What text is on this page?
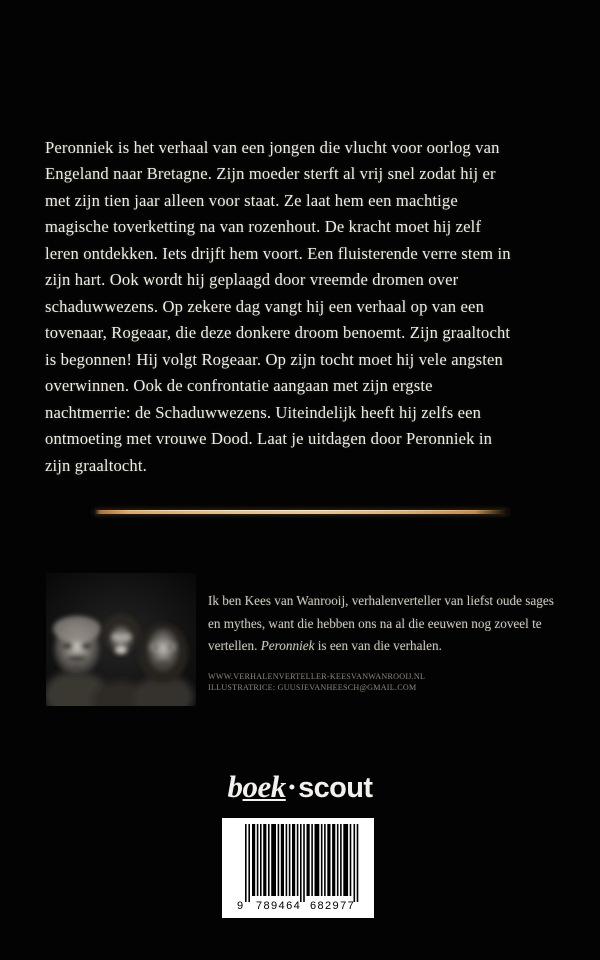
Peronniek is het verhaal van een jongen die vlucht voor oorlog van Engeland naar Bretagne. Zijn moeder sterft al vrij snel zodat hij er met zijn tien jaar alleen voor staat. Ze laat hem een machtige magische toverketting na van rozenhout. De kracht moet hij zelf leren ontdekken. Iets drijft hem voort. Een fluisterende verre stem in zijn hart. Ook wordt hij geplaagd door vreemde dromen over schaduwwezens. Op zekere dag vangt hij een verhaal op van een tovenaar, Rogeaar, die deze donkere droom benoemt. Zijn graaltocht is begonnen! Hij volgt Rogeaar. Op zijn tocht moet hij vele angsten overwinnen. Ook de confrontatie aangaan met zijn ergste nachtmerrie: de Schaduwwezens. Uiteindelijk heeft hij zelfs een ontmoeting met vrouwe Dood. Laat je uitdagen door Peronniek in zijn graaltocht.

Ik ben Kees van Wanrooij, verhalenverteller van liefst oude sages en mythes, want die hebben ons na al die eeuwen nog zoveel te vertellen. Peronniek is een van die verhalen.

WWW.VERHALENVERTELLER-KEESVANWANROOIJ.NL
ILLUSTRATRICE: GUUSJEVANHEESCH@GMAIL.COM
boek·scout
9 789464 682977
